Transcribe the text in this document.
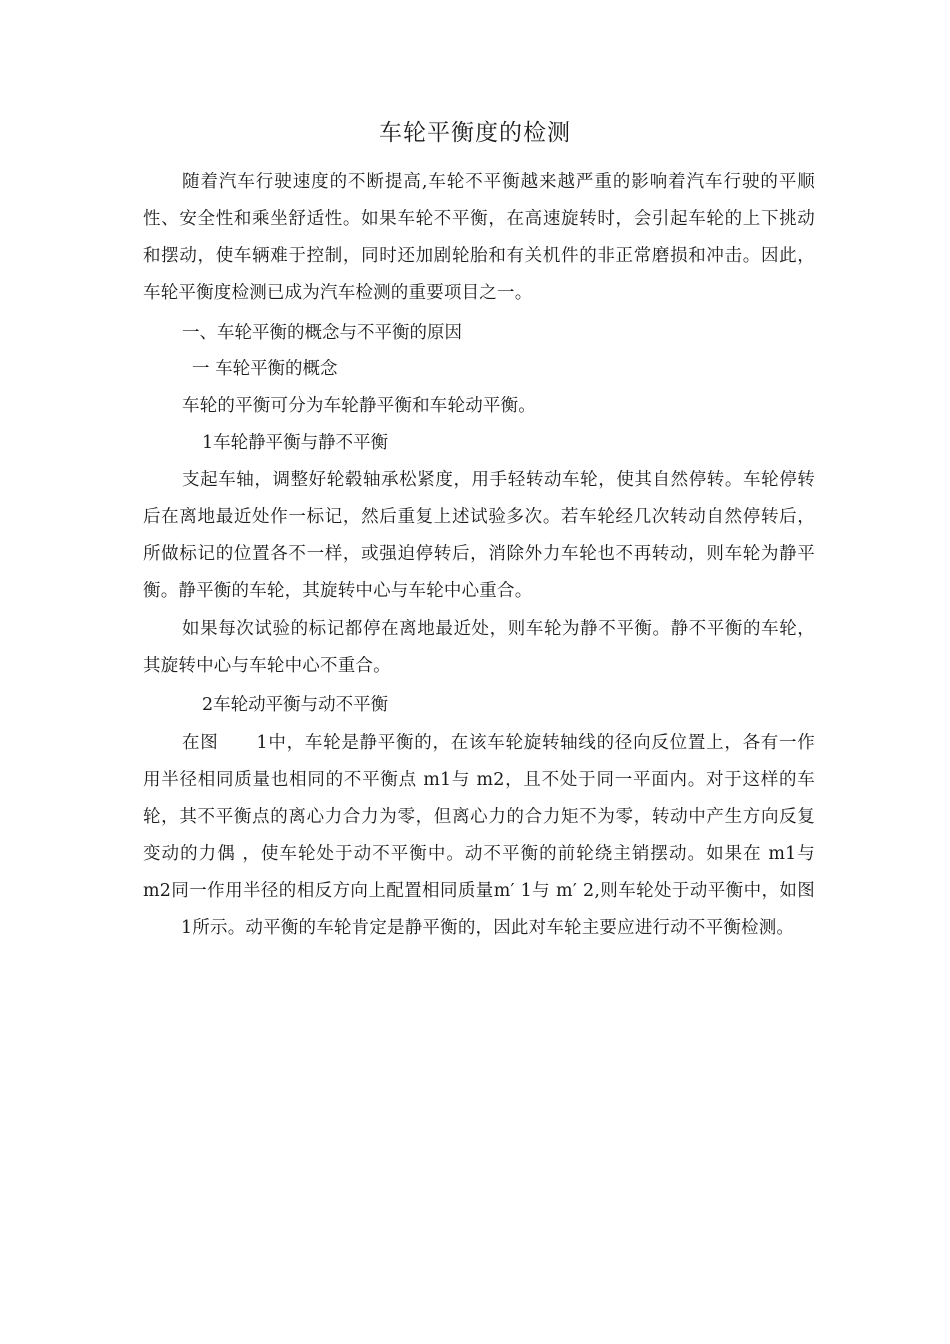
车轮平衡度的检测

随着汽车行驶速度的不断提高,车轮不平衡越来越严重的影响着汽车行驶的平顺性、安全性和乘坐舒适性。如果车轮不平衡，在高速旋转时，会引起车轮的上下挑动和摆动，使车辆难于控制，同时还加剧轮胎和有关机件的非正常磨损和冲击。因此，车轮平衡度检测已成为汽车检测的重要项目之一。

一、车轮平衡的概念与不平衡的原因
一 车轮平衡的概念

车轮的平衡可分为车轮静平衡和车轮动平衡。

1车轮静平衡与静不平衡

支起车轴，调整好轮毂轴承松紧度，用手轻转动车轮，使其自然停转。车轮停转后在离地最近处作一标记，然后重复上述试验多次。若车轮经几次转动自然停转后，所做标记的位置各不一样，或强迫停转后，消除外力车轮也不再转动，则车轮为静平衡。静平衡的车轮，其旋转中心与车轮中心重合。

如果每次试验的标记都停在离地最近处，则车轮为静不平衡。静不平衡的车轮，其旋转中心与车轮中心不重合。

2车轮动平衡与动不平衡

在图 1中，车轮是静平衡的，在该车轮旋转轴线的径向反位置上，各有一作用半径相同质量也相同的不平衡点 m1与 m2，且不处于同一平面内。对于这样的车轮，其不平衡点的离心力合力为零，但离心力的合力矩不为零，转动中产生方向反复变动的力偶 ，使车轮处于动不平衡中。动不平衡的前轮绕主销摆动。如果在 m1与 m2同一作用半径的相反方向上配置相同质量m′ 1与 m′ 2,则车轮处于动平衡中，如图1所示。动平衡的车轮肯定是静平衡的，因此对车轮主要应进行动不平衡检测。
